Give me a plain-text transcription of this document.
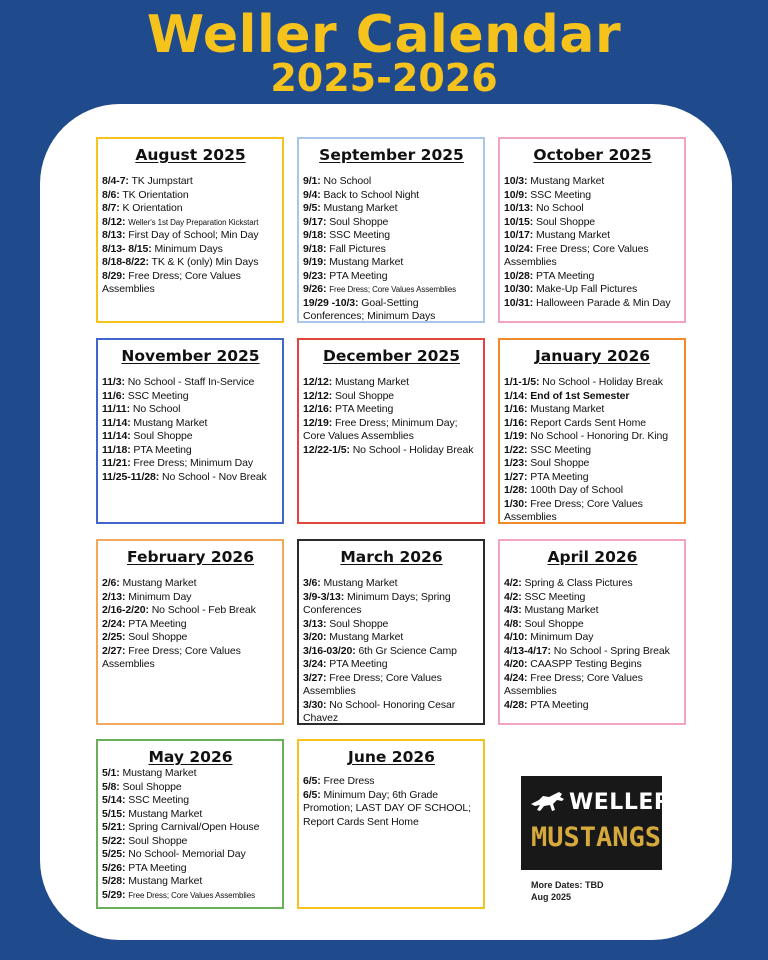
Weller Calendar
2025-2026
August 2025
8/4-7: TK Jumpstart
8/6: TK Orientation
8/7: K Orientation
8/12: Weller's 1st Day Preparation Kickstart
8/13: First Day of School; Min Day
8/13- 8/15: Minimum Days
8/18-8/22: TK & K (only) Min Days
8/29: Free Dress; Core Values Assemblies
September 2025
9/1: No School
9/4: Back to School Night
9/5: Mustang Market
9/17: Soul Shoppe
9/18: SSC Meeting
9/18: Fall Pictures
9/19: Mustang Market
9/23: PTA Meeting
9/26: Free Dress; Core Values Assemblies
19/29 -10/3: Goal-Setting Conferences; Minimum Days
October 2025
10/3: Mustang Market
10/9: SSC Meeting
10/13: No School
10/15: Soul Shoppe
10/17: Mustang Market
10/24: Free Dress; Core Values Assemblies
10/28: PTA Meeting
10/30: Make-Up Fall Pictures
10/31: Halloween Parade & Min Day
November 2025
11/3: No School - Staff In-Service
11/6: SSC Meeting
11/11: No School
11/14: Mustang Market
11/14: Soul Shoppe
11/18: PTA Meeting
11/21: Free Dress; Minimum Day
11/25-11/28: No School - Nov Break
December 2025
12/12: Mustang Market
12/12: Soul Shoppe
12/16: PTA Meeting
12/19: Free Dress; Minimum Day; Core Values Assemblies
12/22-1/5: No School - Holiday Break
January 2026
1/1-1/5: No School - Holiday Break
1/14: End of 1st Semester
1/16: Mustang Market
1/16: Report Cards Sent Home
1/19: No School - Honoring Dr. King
1/22: SSC Meeting
1/23: Soul Shoppe
1/27: PTA Meeting
1/28: 100th Day of School
1/30: Free Dress; Core Values Assemblies
February 2026
2/6: Mustang Market
2/13: Minimum Day
2/16-2/20: No School - Feb Break
2/24: PTA Meeting
2/25: Soul Shoppe
2/27: Free Dress; Core Values Assemblies
March 2026
3/6: Mustang Market
3/9-3/13: Minimum Days; Spring Conferences
3/13: Soul Shoppe
3/20: Mustang Market
3/16-03/20: 6th Gr Science Camp
3/24: PTA Meeting
3/27: Free Dress; Core Values Assemblies
3/30: No School- Honoring Cesar Chavez
April 2026
4/2: Spring & Class Pictures
4/2: SSC Meeting
4/3: Mustang Market
4/8: Soul Shoppe
4/10: Minimum Day
4/13-4/17: No School - Spring Break
4/20: CAASPP Testing Begins
4/24: Free Dress; Core Values Assemblies
4/28: PTA Meeting
May 2026
5/1: Mustang Market
5/8: Soul Shoppe
5/14: SSC Meeting
5/15: Mustang Market
5/21: Spring Carnival/Open House
5/22: Soul Shoppe
5/25: No School- Memorial Day
5/26: PTA Meeting
5/28: Mustang Market
5/29: Free Dress; Core Values Assemblies
June 2026
6/5: Free Dress
6/5: Minimum Day; 6th Grade Promotion; LAST DAY OF SCHOOL; Report Cards Sent Home
WELLER
MUSTANGS
More Dates: TBD
Aug 2025
